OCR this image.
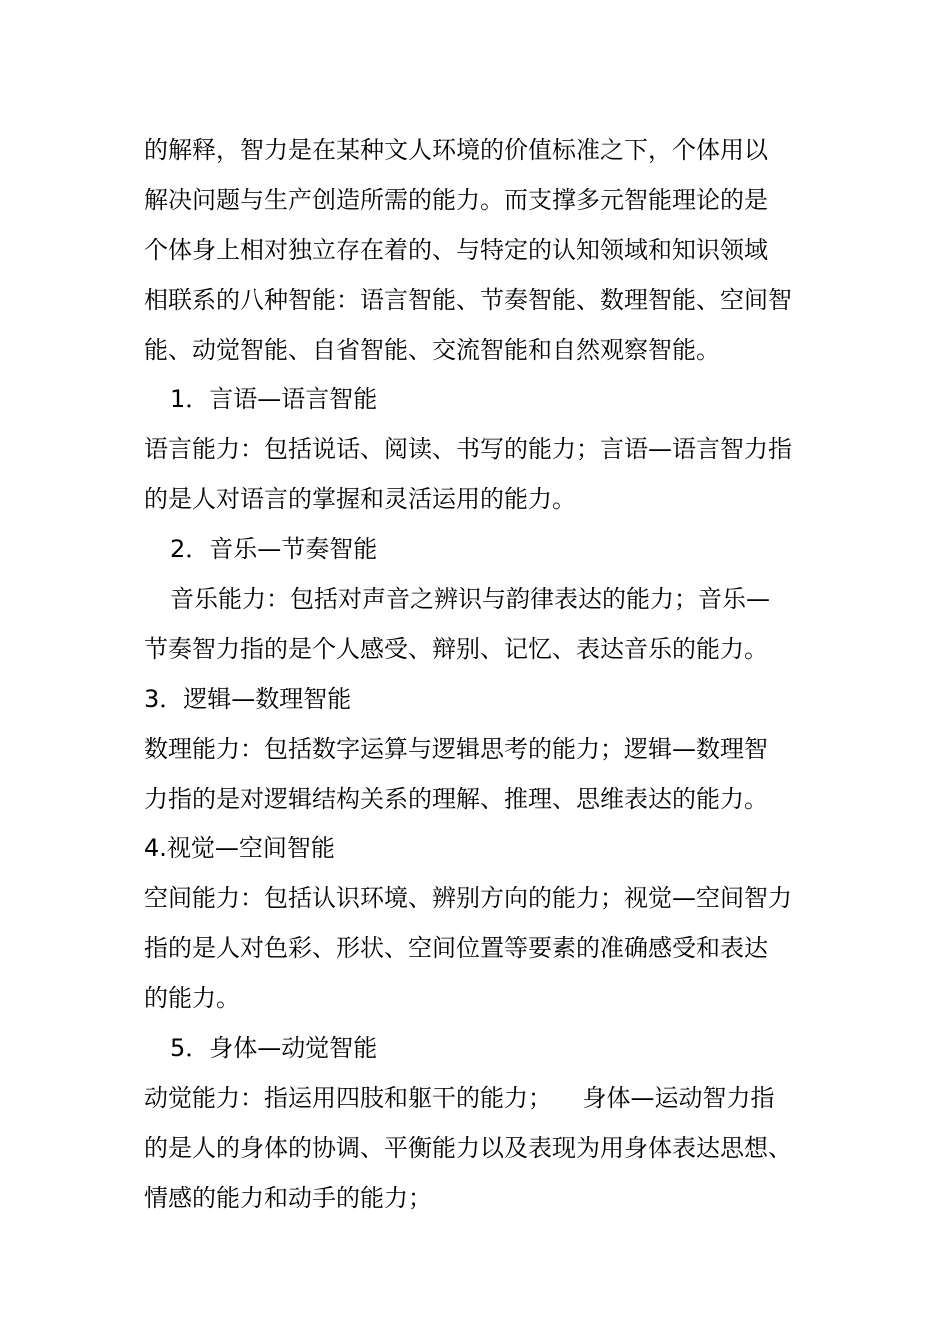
的解释，智力是在某种文人环境的价值标准之下，个体用以
解决问题与生产创造所需的能力。而支撑多元智能理论的是
个体身上相对独立存在着的、与特定的认知领域和知识领域
相联系的八种智能：语言智能、节奏智能、数理智能、空间智
能、动觉智能、自省智能、交流智能和自然观察智能。
1．言语—语言智能
语言能力：包括说话、阅读、书写的能力；言语—语言智力指
的是人对语言的掌握和灵活运用的能力。
2．音乐—节奏智能
音乐能力：包括对声音之辨识与韵律表达的能力；音乐—
节奏智力指的是个人感受、辩别、记忆、表达音乐的能力。
3．逻辑—数理智能
数理能力：包括数字运算与逻辑思考的能力；逻辑—数理智
力指的是对逻辑结构关系的理解、推理、思维表达的能力。
4.视觉—空间智能
空间能力：包括认识环境、辨别方向的能力；视觉—空间智力
指的是人对色彩、形状、空间位置等要素的准确感受和表达
的能力。
5．身体—动觉智能
动觉能力：指运用四肢和躯干的能力；    身体—运动智力指
的是人的身体的协调、平衡能力以及表现为用身体表达思想、
情感的能力和动手的能力；
